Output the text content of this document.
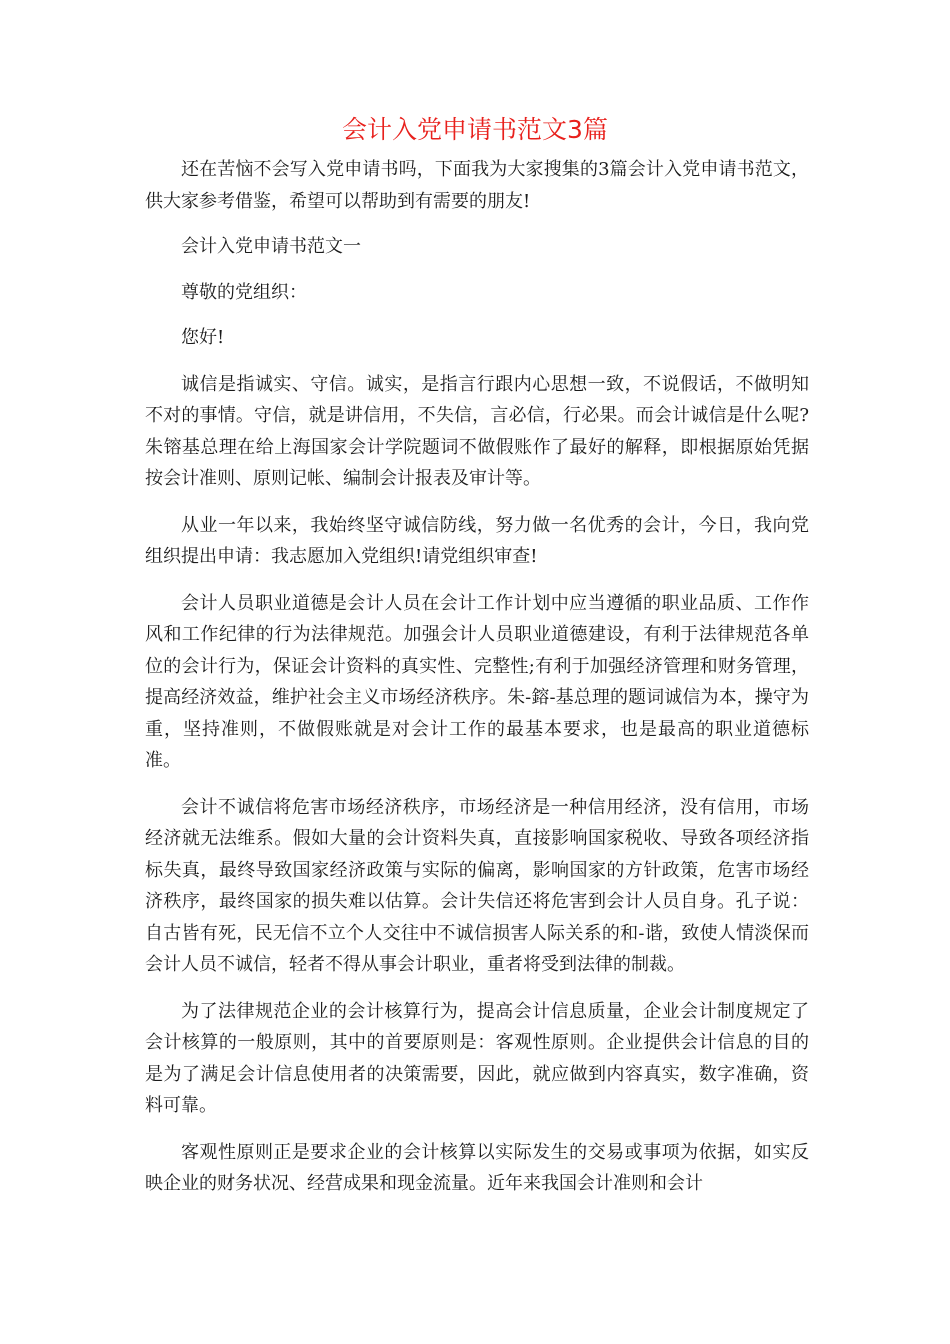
会计入党申请书范文3篇

还在苦恼不会写入党申请书吗，下面我为大家搜集的3篇会计入党申请书范文，供大家参考借鉴，希望可以帮助到有需要的朋友!

会计入党申请书范文一

尊敬的党组织：

您好!

诚信是指诚实、守信。诚实，是指言行跟内心思想一致，不说假话，不做明知不对的事情。守信，就是讲信用，不失信，言必信，行必果。而会计诚信是什么呢?朱镕基总理在给上海国家会计学院题词不做假账作了最好的解释，即根据原始凭据按会计准则、原则记帐、编制会计报表及审计等。

从业一年以来，我始终坚守诚信防线，努力做一名优秀的会计，今日，我向党组织提出申请：我志愿加入党组织!请党组织审查!

会计人员职业道德是会计人员在会计工作计划中应当遵循的职业品质、工作作风和工作纪律的行为法律规范。加强会计人员职业道德建设，有利于法律规范各单位的会计行为，保证会计资料的真实性、完整性;有利于加强经济管理和财务管理，提高经济效益，维护社会主义市场经济秩序。朱-鎔-基总理的题词诚信为本，操守为重，坚持准则，不做假账就是对会计工作的最基本要求，也是最高的职业道德标准。

会计不诚信将危害市场经济秩序，市场经济是一种信用经济，没有信用，市场经济就无法维系。假如大量的会计资料失真，直接影响国家税收、导致各项经济指标失真，最终导致国家经济政策与实际的偏离，影响国家的方针政策，危害市场经济秩序，最终国家的损失难以估算。会计失信还将危害到会计人员自身。孔子说：自古皆有死，民无信不立个人交往中不诚信损害人际关系的和-谐，致使人情淡保而会计人员不诚信，轻者不得从事会计职业，重者将受到法律的制裁。

为了法律规范企业的会计核算行为，提高会计信息质量，企业会计制度规定了会计核算的一般原则，其中的首要原则是：客观性原则。企业提供会计信息的目的是为了满足会计信息使用者的决策需要，因此，就应做到内容真实，数字准确，资料可靠。

客观性原则正是要求企业的会计核算以实际发生的交易或事项为依据，如实反映企业的财务状况、经营成果和现金流量。近年来我国会计准则和会计
